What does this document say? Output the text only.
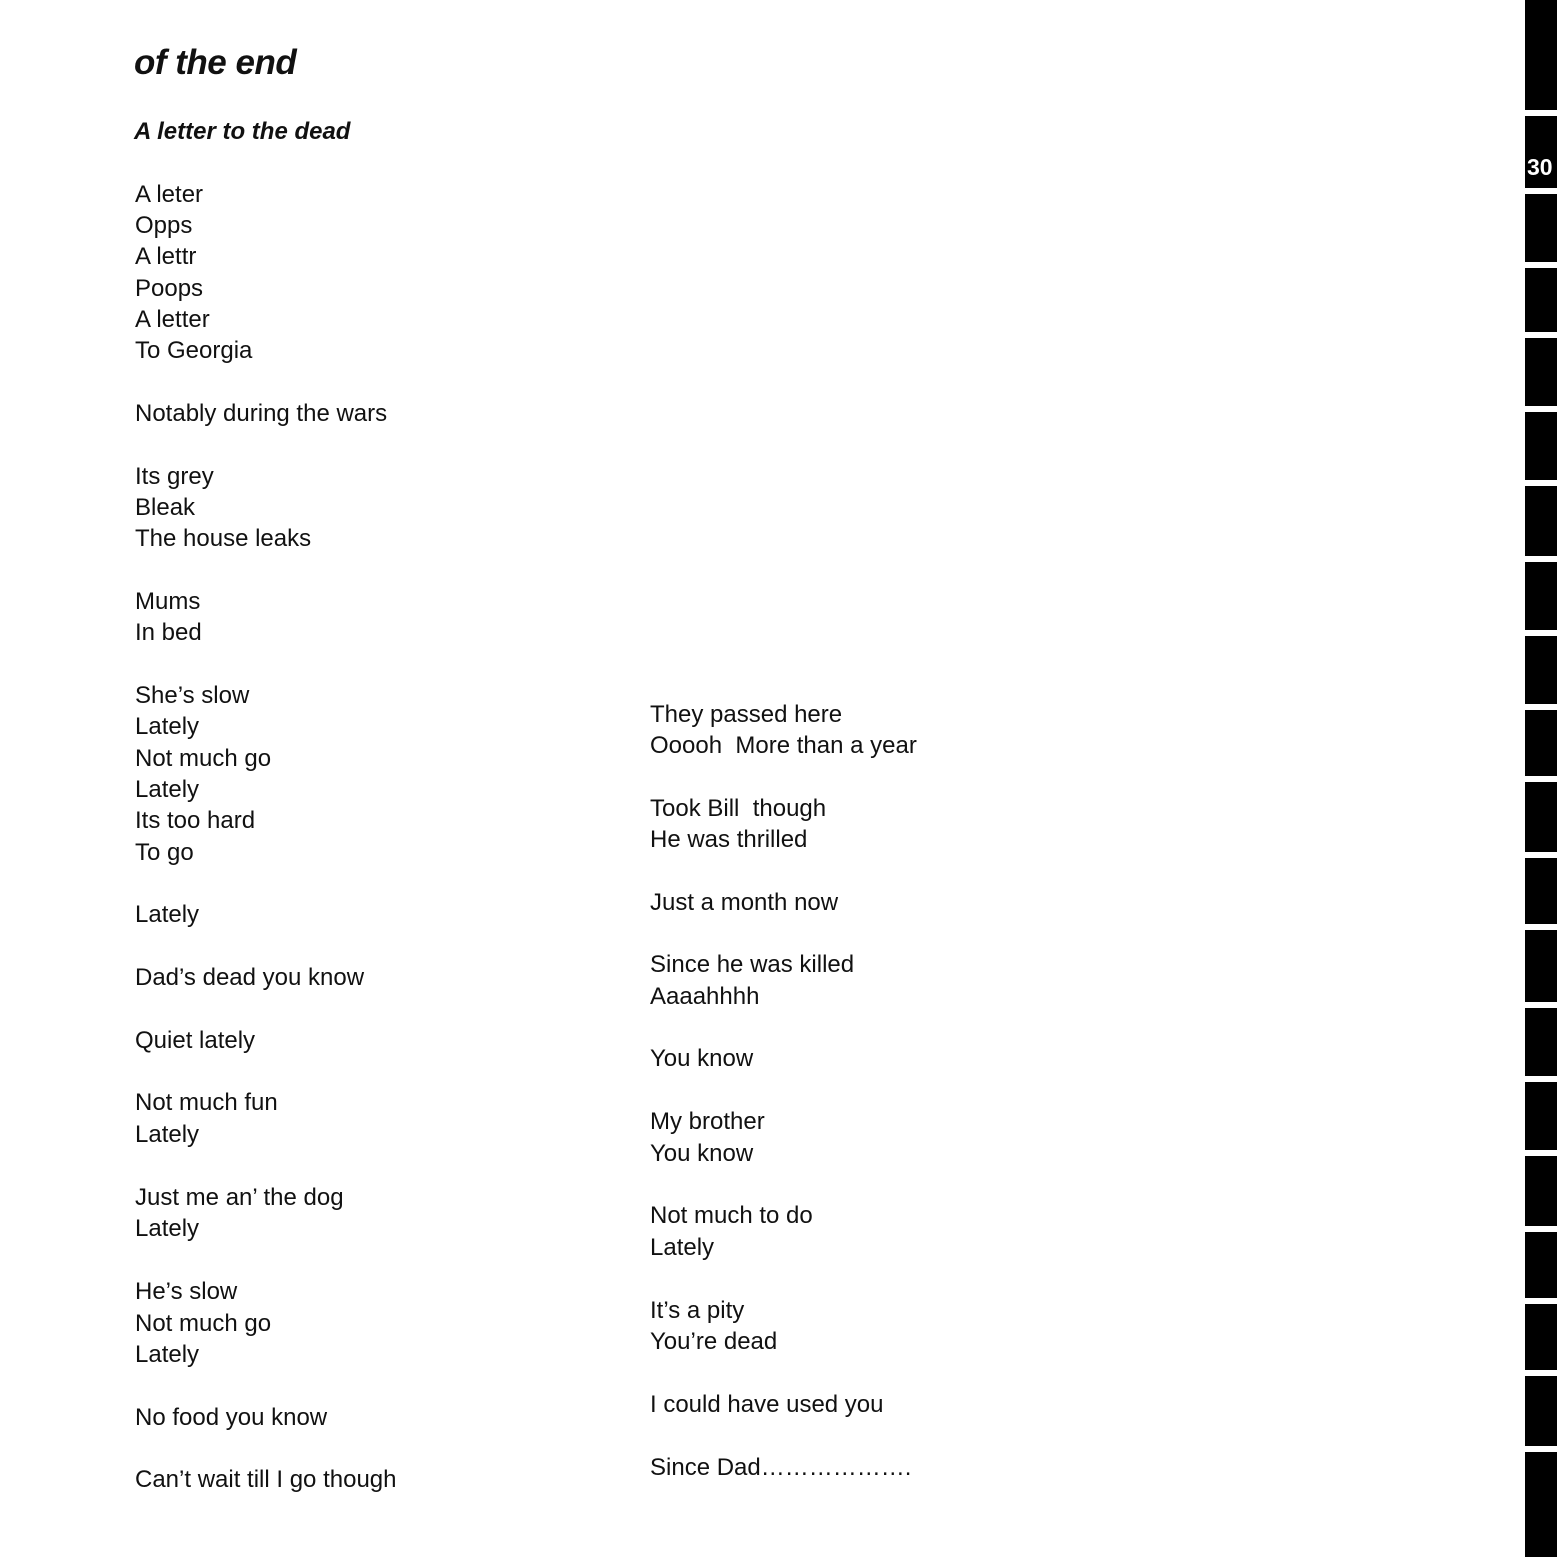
of the end
A letter to the dead
A leter
Opps
A lettr
Poops
A letter
To Georgia
Notably during the wars
Its grey
Bleak
The house leaks
Mums
In bed
She’s slow
Lately
Not much go
Lately
Its too hard
To go
Lately
Dad’s dead you know
Quiet lately
Not much fun
Lately
Just me an’ the dog
Lately
He’s slow
Not much go
Lately
No food you know
Can’t wait till I go though
They passed here
Ooooh  More than a year
Took Bill  though
He was thrilled
Just a month now
Since he was killed
Aaaahhhh
You know
My brother
You know
Not much to do
Lately
It’s a pity
You’re dead
I could have used you
Since Dad……………….
30
